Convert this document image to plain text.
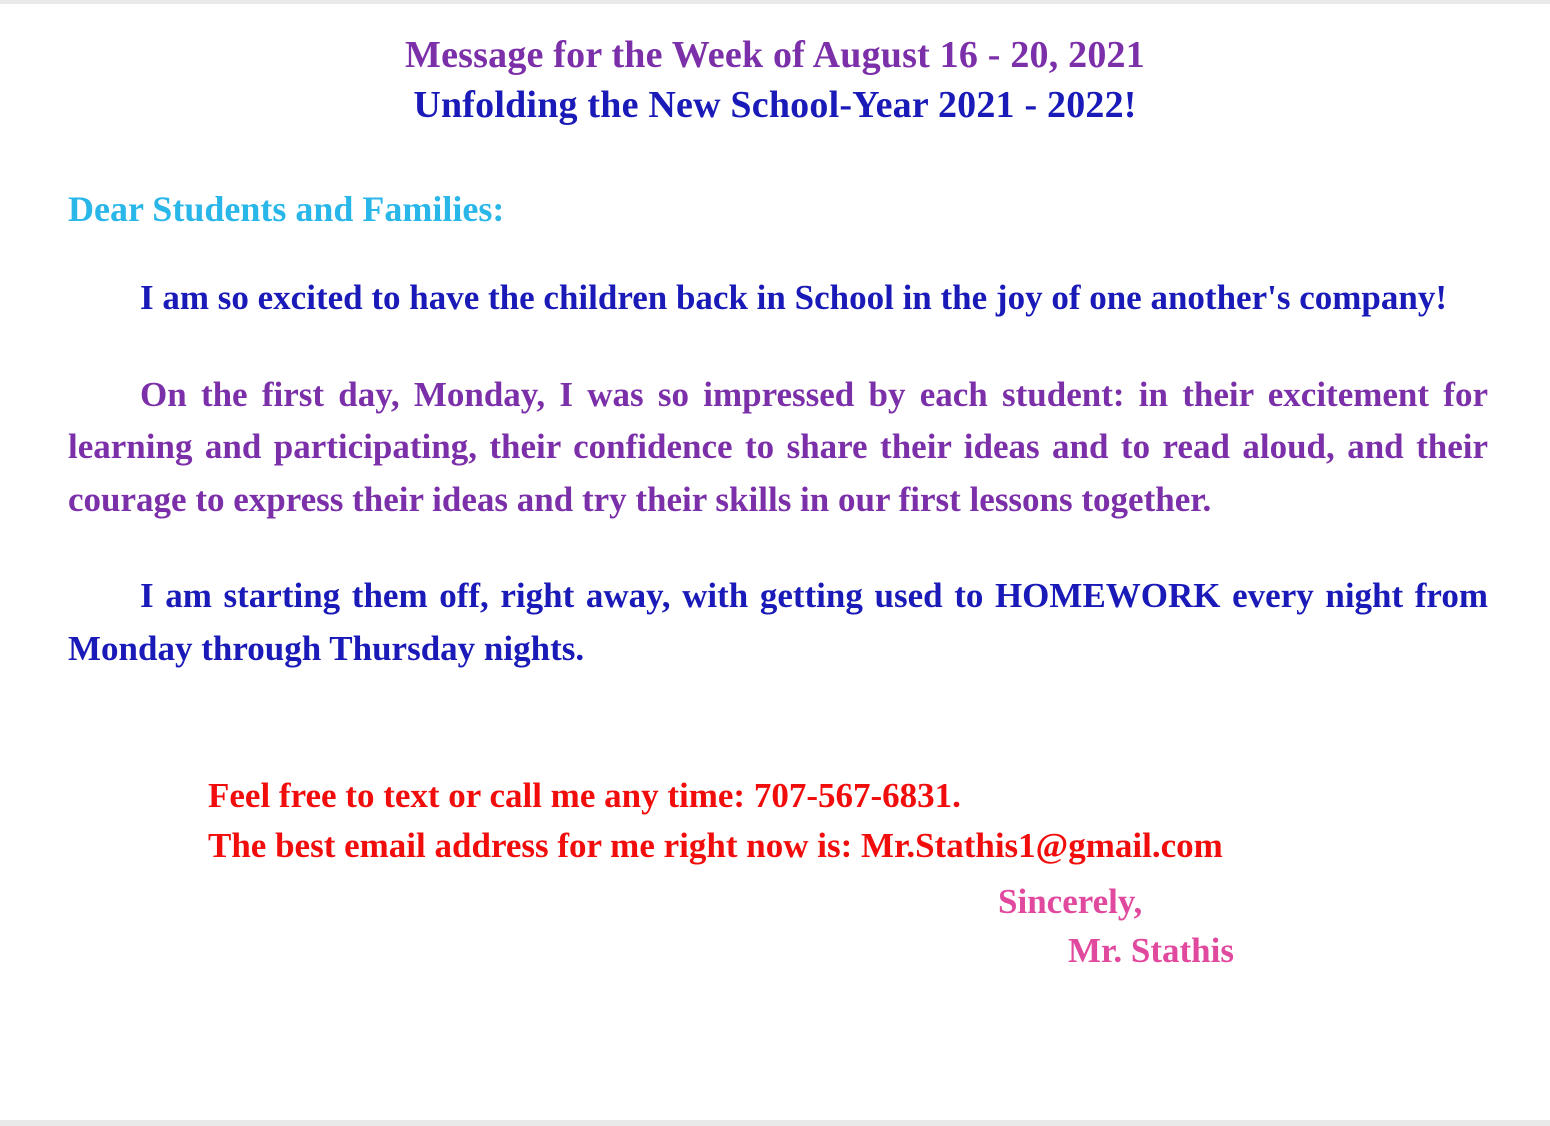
Message for the Week of August 16 - 20, 2021
Unfolding the New School-Year 2021 - 2022!
Dear Students and Families:

I am so excited to have the children back in School in the joy of one another's company!

On the first day, Monday, I was so impressed by each student: in their excitement for learning and participating, their confidence to share their ideas and to read aloud, and their courage to express their ideas and try their skills in our first lessons together.

I am starting them off, right away, with getting used to HOMEWORK every night from Monday through Thursday nights.

Feel free to text or call me any time: 707-567-6831.
The best email address for me right now is: Mr.Stathis1@gmail.com
Sincerely,
Mr. Stathis
